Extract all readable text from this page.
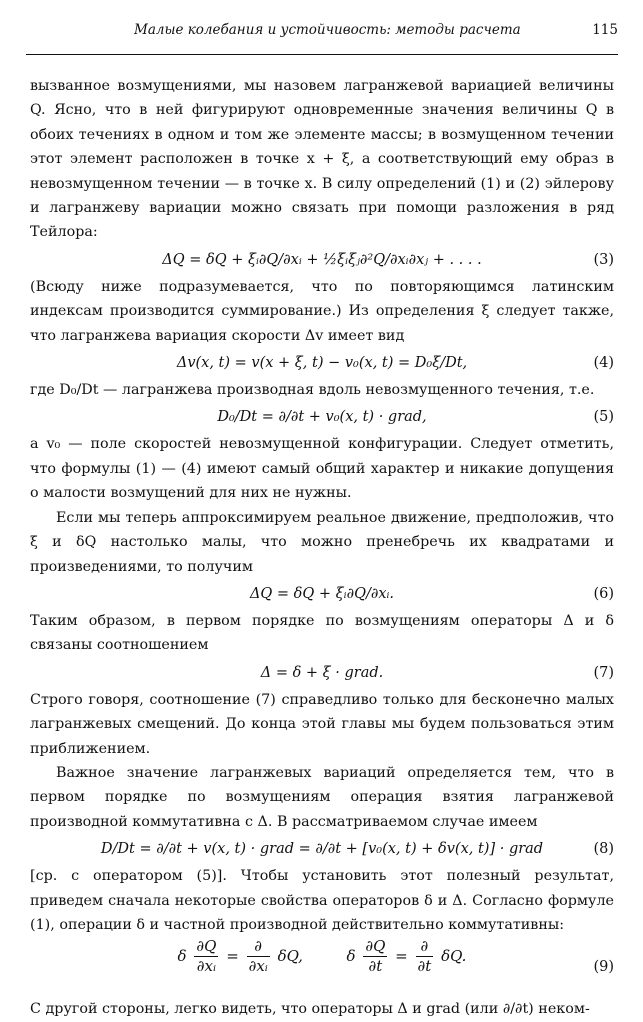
Малые колебания и устойчивость: методы расчета	115

вызванное возмущениями, мы назовем лагранжевой вариацией величины Q. Ясно, что в ней фигурируют одновременные значения величины Q в обоих течениях в одном и том же элементе массы; в возмущенном течении этот элемент расположен в точке x + ξ, а соответствующий ему образ в невозмущенном течении — в точке x. В силу определений (1) и (2) эйлерову и лагранжеву вариации можно связать при помощи разложения в ряд Тейлора:

ΔQ = δQ + ξᵢ∂Q/∂xᵢ + ½ξᵢξⱼ∂²Q/∂xᵢ∂xⱼ + . . . .	(3)

(Всюду ниже подразумевается, что по повторяющимся латинским индексам производится суммирование.) Из определения ξ следует также, что лагранжева вариация скорости Δv имеет вид

Δv(x, t) = v(x + ξ, t) − v₀(x, t) = D₀ξ/Dt,	(4)

где D₀/Dt — лагранжева производная вдоль невозмущенного течения, т.е.

D₀/Dt = ∂/∂t + v₀(x, t) · grad,	(5)

а v₀ — поле скоростей невозмущенной конфигурации. Следует отметить, что формулы (1) — (4) имеют самый общий характер и никакие допущения о малости возмущений для них не нужны.

Если мы теперь аппроксимируем реальное движение, предположив, что ξ и δQ настолько малы, что можно пренебречь их квадратами и произведениями, то получим

ΔQ = δQ + ξᵢ∂Q/∂xᵢ.	(6)

Таким образом, в первом порядке по возмущениям операторы Δ и δ связаны соотношением

Δ = δ + ξ · grad.	(7)

Строго говоря, соотношение (7) справедливо только для бесконечно малых лагранжевых смещений. До конца этой главы мы будем пользоваться этим приближением.

Важное значение лагранжевых вариаций определяется тем, что в первом порядке по возмущениям операция взятия лагранжевой производной коммутативна с Δ. В рассматриваемом случае имеем

D/Dt = ∂/∂t + v(x, t) · grad = ∂/∂t + [v₀(x, t) + δv(x, t)] · grad	(8)

[ср. с оператором (5)]. Чтобы установить этот полезный результат, приведем сначала некоторые свойства операторов δ и Δ. Согласно формуле (1), операции δ и частной производной действительно коммутативны:

δ $\frac{\partial Q}{\text{∂xᵢ}} = \frac{\partial}{\text{∂xᵢ}} \delta Q$,	δ $\frac{\partial Q}{\partial t} = \frac{\partial}{\partial t} \delta Q$.
(9)

С другой стороны, легко видеть, что операторы Δ и grad (или ∂/∂t) неком-
